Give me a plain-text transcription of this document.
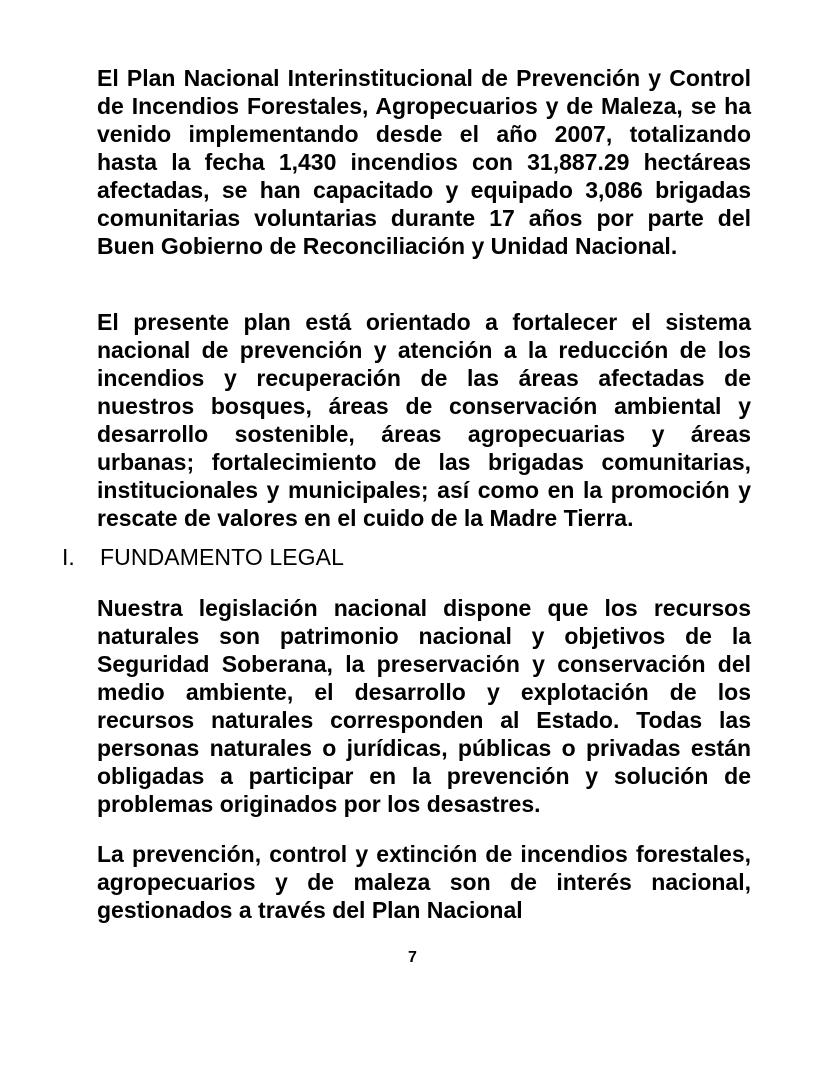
El Plan Nacional Interinstitucional de Prevención y Control de Incendios Forestales, Agropecuarios y de Maleza, se ha venido implementando desde el año 2007, totalizando hasta la fecha 1,430 incendios con 31,887.29 hectáreas afectadas, se han capacitado y equipado 3,086 brigadas comunitarias voluntarias durante 17 años por parte del Buen Gobierno de Reconciliación y Unidad Nacional.

El presente plan está orientado a fortalecer el sistema nacional de prevención y atención a la reducción de los incendios y recuperación de las áreas afectadas de nuestros bosques, áreas de conservación ambiental y desarrollo sostenible, áreas agropecuarias y áreas urbanas; fortalecimiento de las brigadas comunitarias, institucionales y municipales; así como en la promoción y rescate de valores en el cuido de la Madre Tierra.

I.	FUNDAMENTO LEGAL

Nuestra legislación nacional dispone que los recursos naturales son patrimonio nacional y objetivos de la Seguridad Soberana, la preservación y conservación del medio ambiente, el desarrollo y explotación de los recursos naturales corresponden al Estado. Todas las personas naturales o jurídicas, públicas o privadas están obligadas a participar en la prevención y solución de problemas originados por los desastres.

La prevención, control y extinción de incendios forestales, agropecuarios y de maleza son de interés nacional, gestionados a través del Plan Nacional

7
